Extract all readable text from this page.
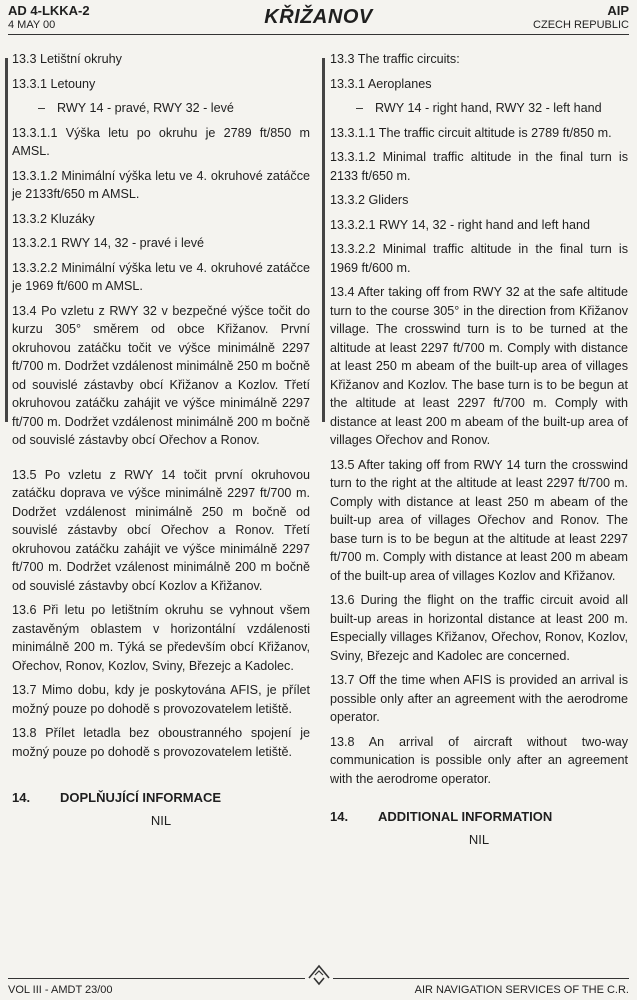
AD 4-LKKA-2
4 MAY 00	KŘIŽANOV	AIP
CZECH REPUBLIC
13.3 Letištní okruhy
13.3.1 Letouny
– RWY 14 - pravé, RWY 32 - levé
13.3.1.1 Výška letu po okruhu je 2789 ft/850 m AMSL.
13.3.1.2 Minimální výška letu ve 4. okruhové zatáčce je 2133ft/650 m AMSL.
13.3.2 Kluzáky
13.3.2.1 RWY 14, 32 - pravé i levé
13.3.2.2 Minimální výška letu ve 4. okruhové zatáčce je 1969 ft/600 m AMSL.
13.4 Po vzletu z RWY 32 v bezpečné výšce točit do kurzu 305° směrem od obce Křižanov. První okruhovou zatáčku točit ve výšce minimálně 2297 ft/700 m. Dodržet vzdálenost minimálně 250 m bočně od souvislé zástavby obcí Křižanov a Kozlov. Třetí okruhovou zatáčku zahájit ve výšce minimálně 2297 ft/700 m. Dodržet vzdálenost minimálně 200 m bočně od souvislé zástavby obcí Ořechov a Ronov.
13.5 Po vzletu z RWY 14 točit první okruhovou zatáčku doprava ve výšce minimálně 2297 ft/700 m. Dodržet vzdálenost minimálně 250 m bočně od souvislé zástavby obcí Ořechov a Ronov. Třetí okruhovou zatáčku zahájit ve výšce minimálně 2297 ft/700 m. Dodržet vzálenost minimálně 200 m bočně od souvislé zástavby obcí Kozlov a Křižanov.
13.6 Při letu po letištním okruhu se vyhnout všem zastavěným oblastem v horizontální vzdálenosti minimálně 200 m. Týká se především obcí Křižanov, Ořechov, Ronov, Kozlov, Sviny, Březejc a Kadolec.
13.7 Mimo dobu, kdy je poskytována AFIS, je přílet možný pouze po dohodě s provozovatelem letiště.
13.8 Přílet letadla bez oboustranného spojení je možný pouze po dohodě s provozovatelem letiště.
14. DOPLŇUJÍCÍ INFORMACE
NIL
13.3 The traffic circuits:
13.3.1 Aeroplanes
– RWY 14 - right hand, RWY 32 - left hand
13.3.1.1 The traffic circuit altitude is 2789 ft/850 m.
13.3.1.2 Minimal traffic altitude in the final turn is 2133 ft/650 m.
13.3.2 Gliders
13.3.2.1 RWY 14, 32 - right hand and left hand
13.3.2.2 Minimal traffic altitude in the final turn is 1969 ft/600 m.
13.4 After taking off from RWY 32 at the safe altitude turn to the course 305° in the direction from Křižanov village. The crosswind turn is to be turned at the altitude at least 2297 ft/700 m. Comply with distance at least 250 m abeam of the built-up area of villages Křižanov and Kozlov. The base turn is to be begun at the altitude at least 2297 ft/700 m. Comply with distance at least 200 m abeam of the built-up area of villages Ořechov and Ronov.
13.5 After taking off from RWY 14 turn the crosswind turn to the right at the altitude at least 2297 ft/700 m. Comply with distance at least 250 m abeam of the built-up area of villages Ořechov and Ronov. The base turn is to be begun at the altitude at least 2297 ft/700 m. Comply with distance at least 200 m abeam of the built-up area of villages Kozlov and Křižanov.
13.6 During the flight on the traffic circuit avoid all built-up areas in horizontal distance at least 200 m. Especially villages Křižanov, Ořechov, Ronov, Kozlov, Sviny, Březejc and Kadolec are concerned.
13.7 Off the time when AFIS is provided an arrival is possible only after an agreement with the aerodrome operator.
13.8 An arrival of aircraft without two-way communication is possible only after an agreement with the aerodrome operator.
14. ADDITIONAL INFORMATION
NIL
VOL III - AMDT 23/00	AIR NAVIGATION SERVICES OF THE C.R.
